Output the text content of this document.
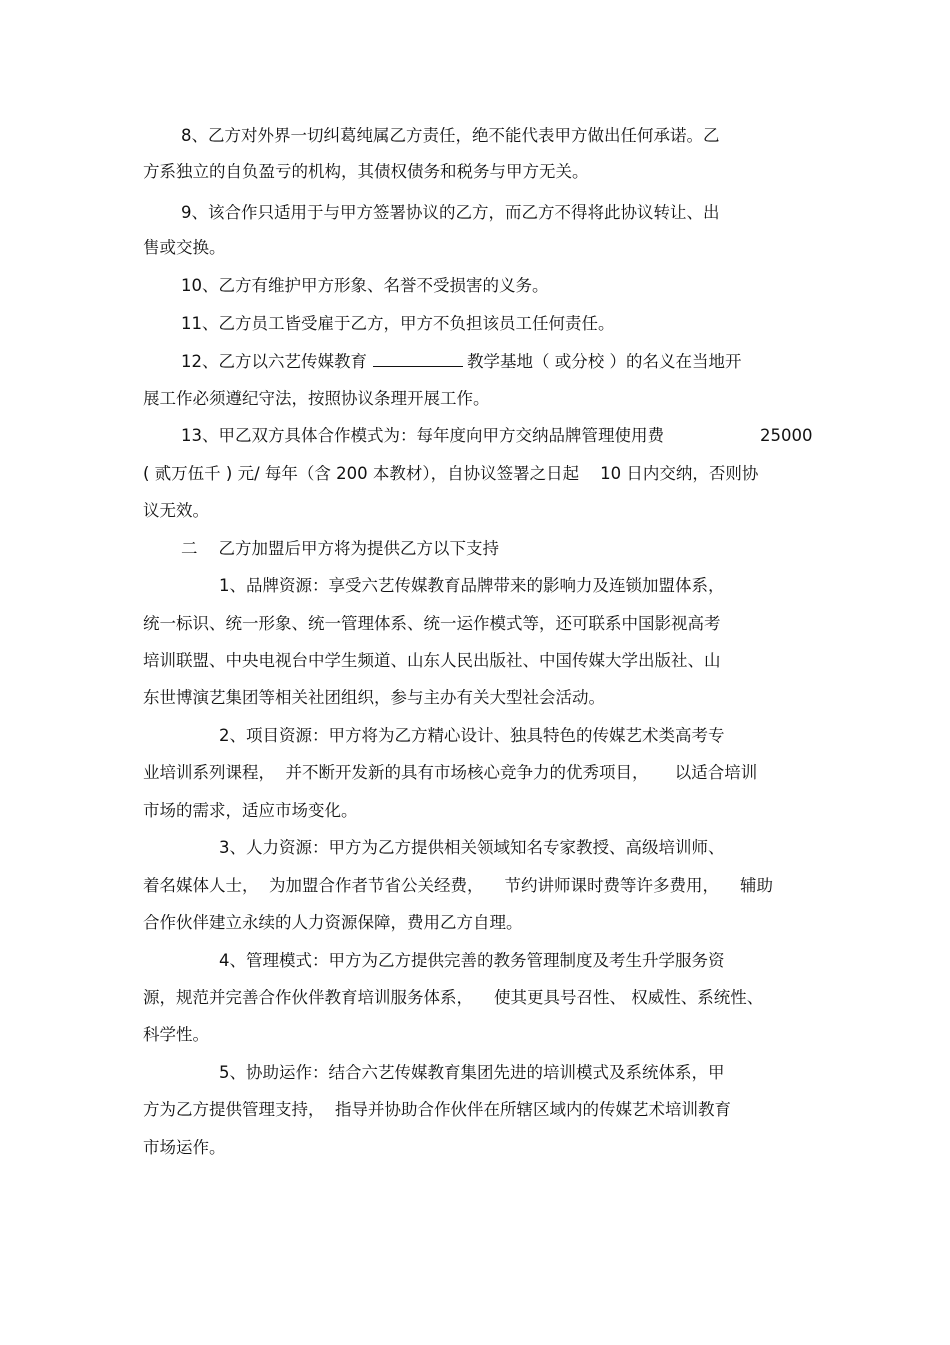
8、乙方对外界一切纠葛纯属乙方责任，绝不能代表甲方做出任何承诺。乙
方系独立的自负盈亏的机构，其债权债务和税务与甲方无关。
9、该合作只适用于与甲方签署协议的乙方，而乙方不得将此协议转让、出
售或交换。
10、乙方有维护甲方形象、名誉不受损害的义务。
11、乙方员工皆受雇于乙方，甲方不负担该员工任何责任。
12、乙方以六艺传媒教育	教学基地（ 或分校 ）的名义在当地开
展工作必须遵纪守法，按照协议条理开展工作。
13、甲乙双方具体合作模式为：每年度向甲方交纳品牌管理使用费	25000
( 贰万伍千 ) 元/ 每年（含 200 本教材），自协议签署之日起    10 日内交纳，否则协
议无效。
二    乙方加盟后甲方将为提供乙方以下支持
1、品牌资源：享受六艺传媒教育品牌带来的影响力及连锁加盟体系，
统一标识、统一形象、统一管理体系、统一运作模式等，还可联系中国影视高考
培训联盟、中央电视台中学生频道、山东人民出版社、中国传媒大学出版社、山
东世博演艺集团等相关社团组织，参与主办有关大型社会活动。
2、项目资源：甲方将为乙方精心设计、独具特色的传媒艺术类高考专
业培训系列课程，  并不断开发新的具有市场核心竞争力的优秀项目，     以适合培训
市场的需求，适应市场变化。
3、人力资源：甲方为乙方提供相关领域知名专家教授、高级培训师、
着名媒体人士，  为加盟合作者节省公关经费，    节约讲师课时费等许多费用，    辅助
合作伙伴建立永续的人力资源保障，费用乙方自理。
4、管理模式：甲方为乙方提供完善的教务管理制度及考生升学服务资
源，规范并完善合作伙伴教育培训服务体系，    使其更具号召性、 权威性、系统性、
科学性。
5、协助运作：结合六艺传媒教育集团先进的培训模式及系统体系，甲
方为乙方提供管理支持，  指导并协助合作伙伴在所辖区域内的传媒艺术培训教育
市场运作。
